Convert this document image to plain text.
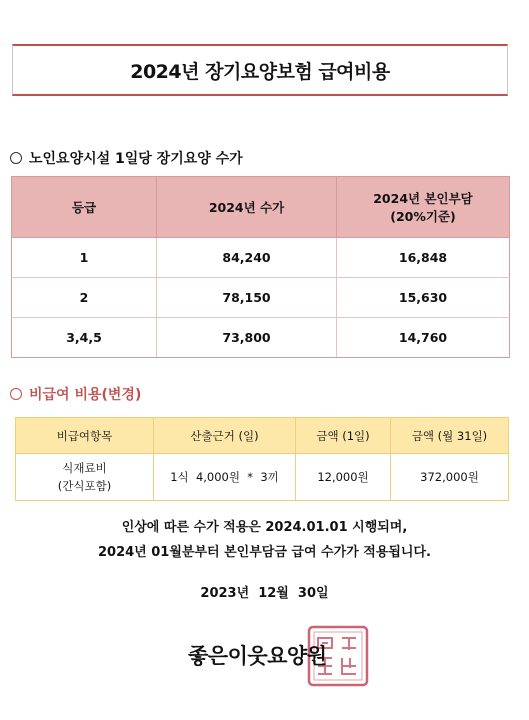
2024년 장기요양보험 급여비용
노인요양시설 1일당 장기요양 수가
등급	2024년 수가	2024년 본인부담
(20%기준)

1	84,240	16,848
2	78,150	15,630
3,4,5	73,800	14,760
비급여 비용(변경)
비급여항목	산출근거 (일)	금액 (1일)	금액 (월 31일)

식재료비
(간식포함)	1식  4,000원  *  3끼	12,000원	372,000원
인상에 따른 수가 적용은 2024.01.01 시행되며,
2024년 01월분부터 본인부담금 급여 수가가 적용됩니다.
2023년  12월  30일
좋은이웃요양원
